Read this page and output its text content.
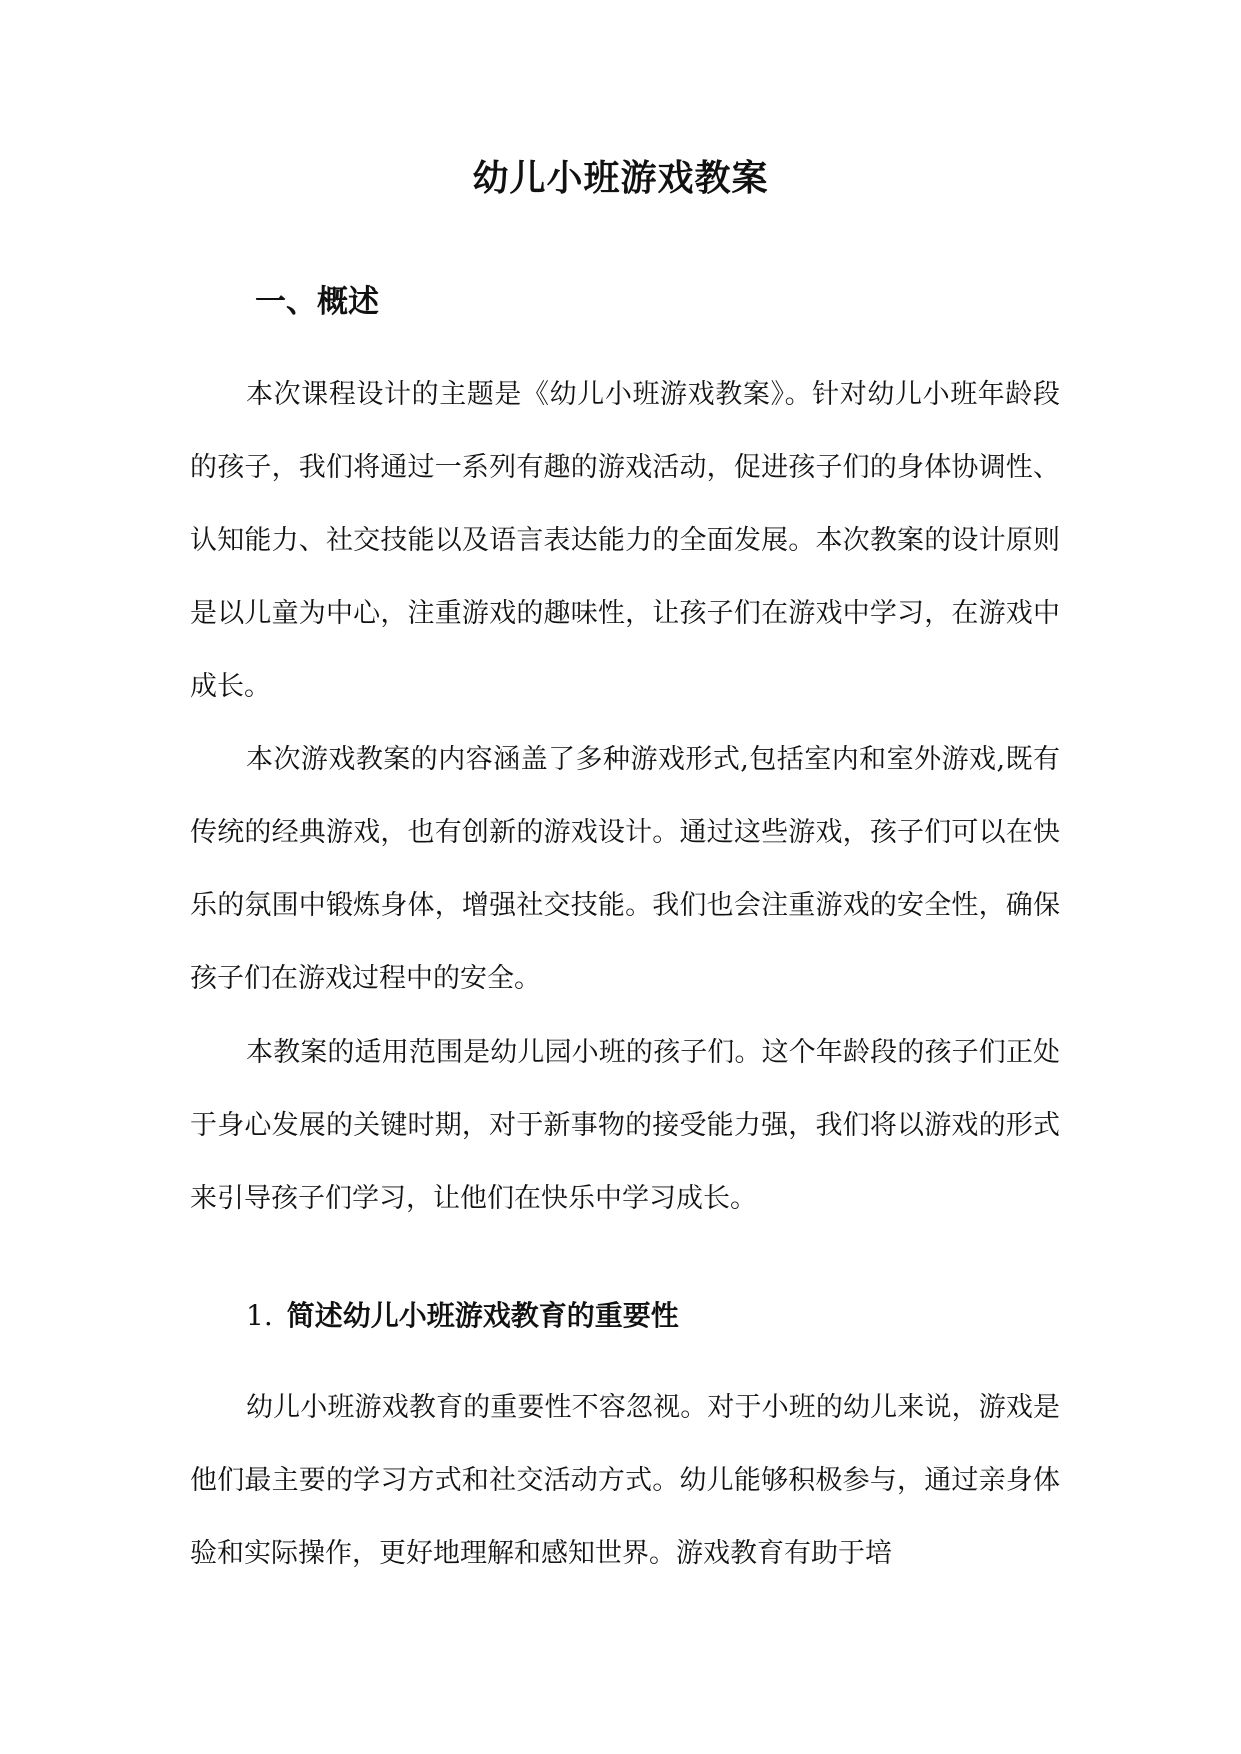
幼儿小班游戏教案
一、概述

本次课程设计的主题是《幼儿小班游戏教案》。针对幼儿小班年龄段的孩子，我们将通过一系列有趣的游戏活动，促进孩子们的身体协调性、认知能力、社交技能以及语言表达能力的全面发展。本次教案的设计原则是以儿童为中心，注重游戏的趣味性，让孩子们在游戏中学习，在游戏中成长。

本次游戏教案的内容涵盖了多种游戏形式,包括室内和室外游戏,既有传统的经典游戏，也有创新的游戏设计。通过这些游戏，孩子们可以在快乐的氛围中锻炼身体，增强社交技能。我们也会注重游戏的安全性，确保孩子们在游戏过程中的安全。

本教案的适用范围是幼儿园小班的孩子们。这个年龄段的孩子们正处于身心发展的关键时期，对于新事物的接受能力强，我们将以游戏的形式来引导孩子们学习，让他们在快乐中学习成长。

1. 简述幼儿小班游戏教育的重要性

幼儿小班游戏教育的重要性不容忽视。对于小班的幼儿来说，游戏是他们最主要的学习方式和社交活动方式。幼儿能够积极参与，通过亲身体验和实际操作，更好地理解和感知世界。游戏教育有助于培
